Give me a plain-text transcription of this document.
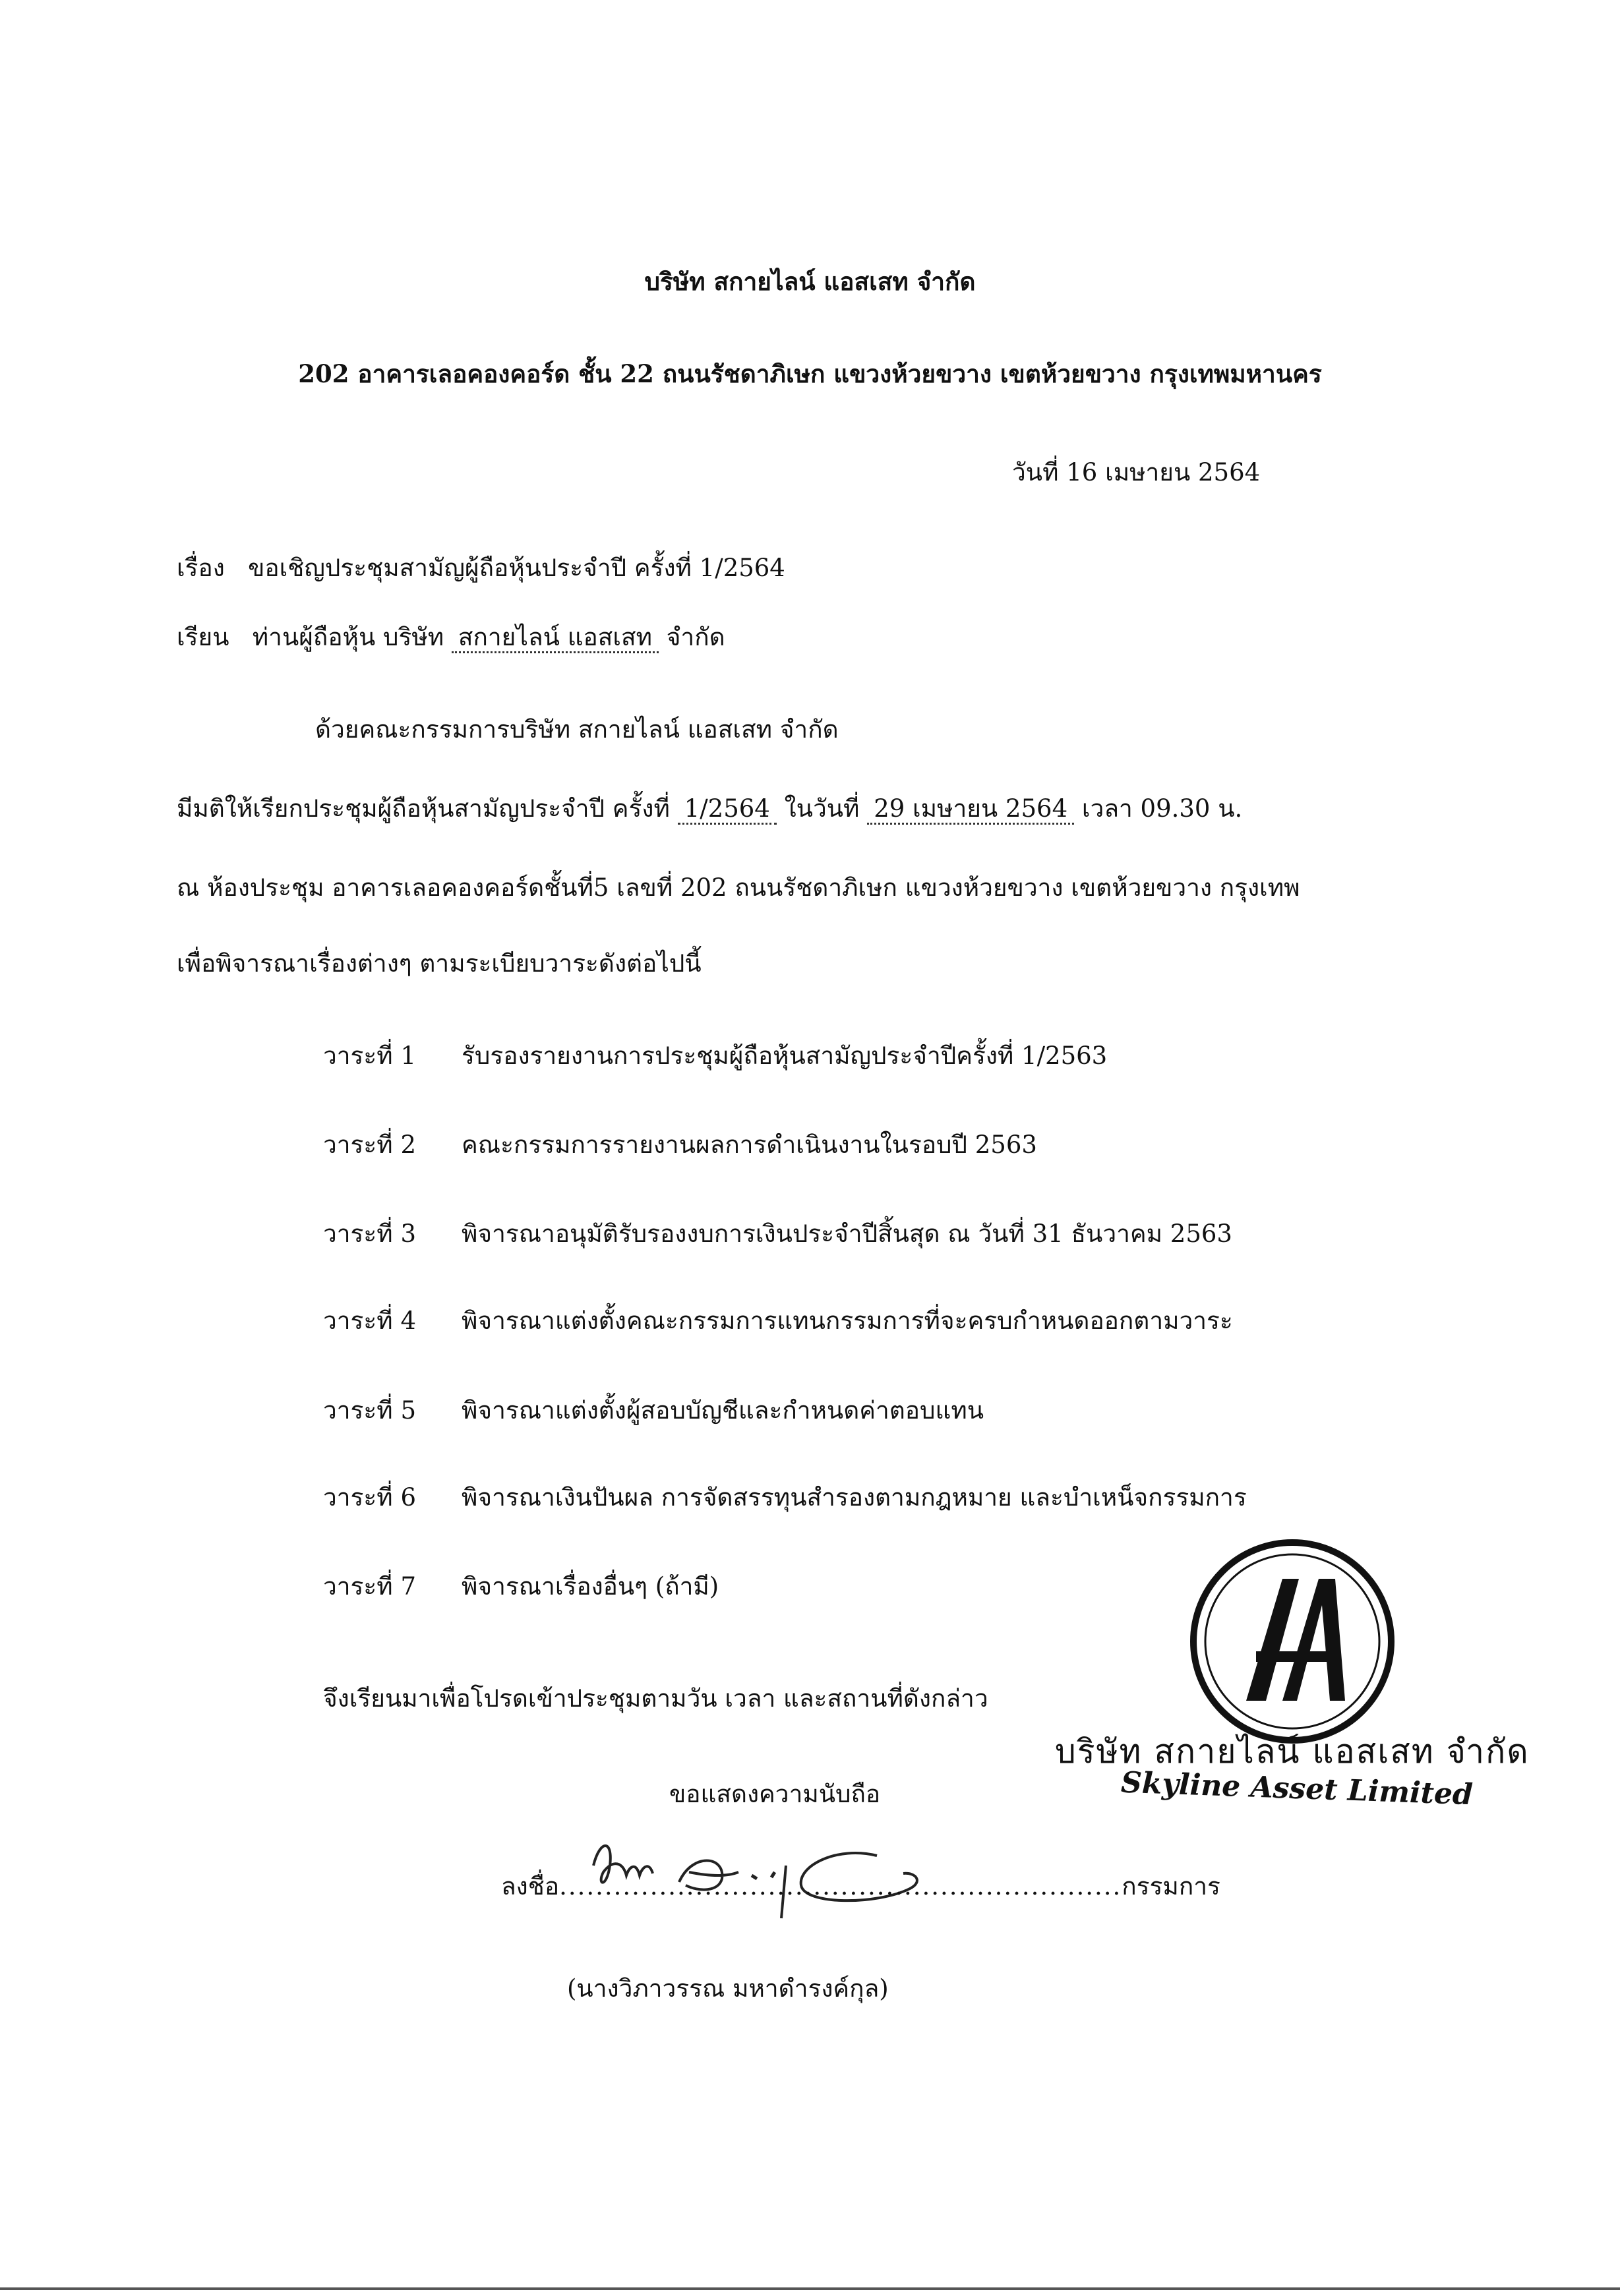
บริษัท สกายไลน์ แอสเสท จำกัด
202 อาคารเลอคองคอร์ด ชั้น 22 ถนนรัชดาภิเษก แขวงห้วยขวาง เขตห้วยขวาง กรุงเทพมหานคร
วันที่ 16 เมษายน 2564
เรื่อง ขอเชิญประชุมสามัญผู้ถือหุ้นประจำปี ครั้งที่ 1/2564
เรียน ท่านผู้ถือหุ้น บริษัท สกายไลน์ แอสเสท จำกัด
ด้วยคณะกรรมการบริษัท สกายไลน์ แอสเสท จำกัด
มีมติให้เรียกประชุมผู้ถือหุ้นสามัญประจำปี ครั้งที่ 1/2564 ในวันที่ 29 เมษายน 2564 เวลา 09.30 น.
ณ ห้องประชุม อาคารเลอคองคอร์ดชั้นที่5 เลขที่ 202 ถนนรัชดาภิเษก แขวงห้วยขวาง เขตห้วยขวาง กรุงเทพ
เพื่อพิจารณาเรื่องต่างๆ ตามระเบียบวาระดังต่อไปนี้
วาระที่ 1 รับรองรายงานการประชุมผู้ถือหุ้นสามัญประจำปีครั้งที่ 1/2563
วาระที่ 2 คณะกรรมการรายงานผลการดำเนินงานในรอบปี 2563
วาระที่ 3 พิจารณาอนุมัติรับรองงบการเงินประจำปีสิ้นสุด ณ วันที่ 31 ธันวาคม 2563
วาระที่ 4 พิจารณาแต่งตั้งคณะกรรมการแทนกรรมการที่จะครบกำหนดออกตามวาระ
วาระที่ 5 พิจารณาแต่งตั้งผู้สอบบัญชีและกำหนดค่าตอบแทน
วาระที่ 6 พิจารณาเงินปันผล การจัดสรรทุนสำรองตามกฎหมาย และบำเหน็จกรรมการ
วาระที่ 7 พิจารณาเรื่องอื่นๆ (ถ้ามี)
จึงเรียนมาเพื่อโปรดเข้าประชุมตามวัน เวลา และสถานที่ดังกล่าว
บริษัท สกายไลน์ แอสเสท จำกัด
Skyline Asset Limited
ขอแสดงความนับถือ
ลงชื่อ..............................................................กรรมการ
(นางวิภาวรรณ มหาดำรงค์กุล)
